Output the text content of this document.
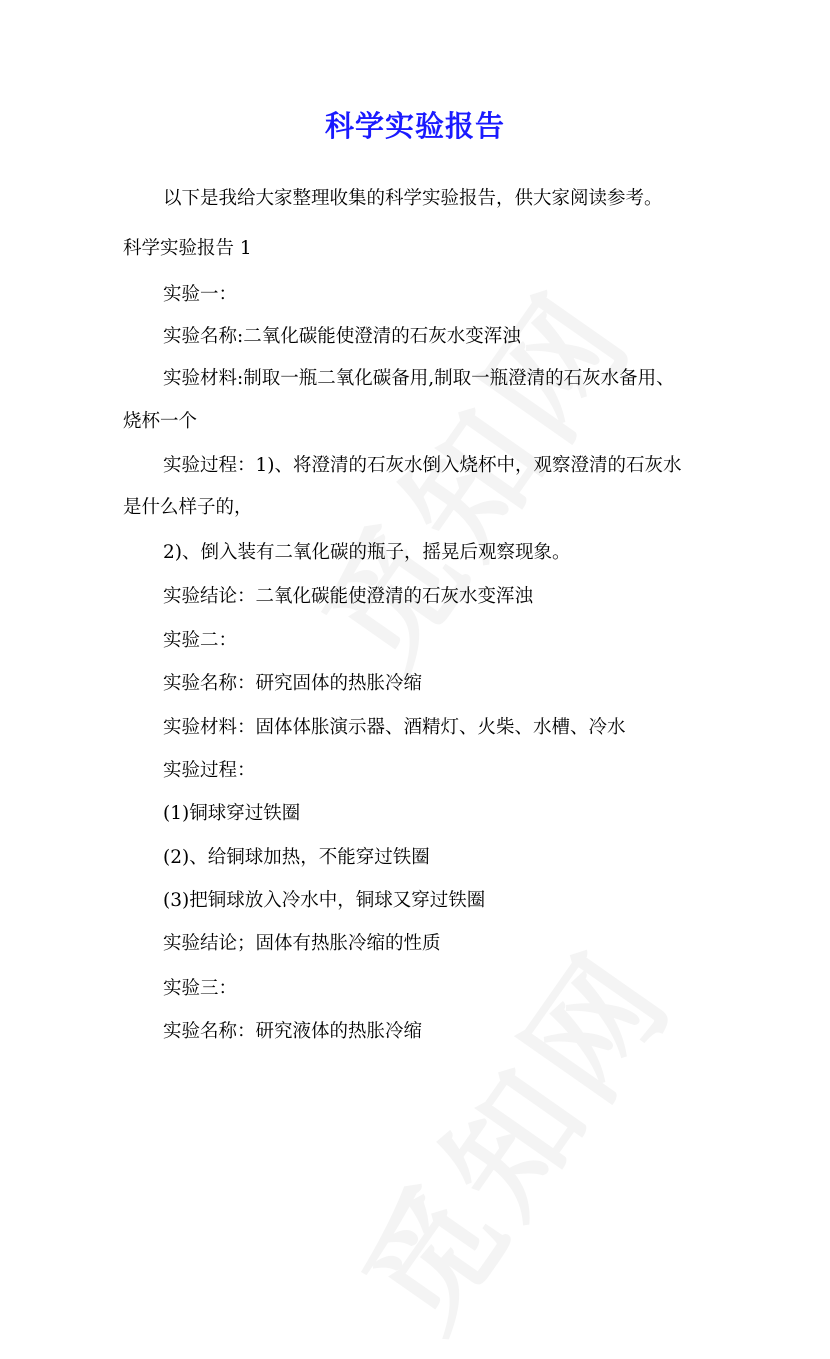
科学实验报告
以下是我给大家整理收集的科学实验报告，供大家阅读参考。
科学实验报告 1
实验一：
实验名称:二氧化碳能使澄清的石灰水变浑浊
实验材料:制取一瓶二氧化碳备用,制取一瓶澄清的石灰水备用、
烧杯一个
实验过程：1)、将澄清的石灰水倒入烧杯中，观察澄清的石灰水
是什么样子的，
2)、倒入装有二氧化碳的瓶子，摇晃后观察现象。
实验结论：二氧化碳能使澄清的石灰水变浑浊
实验二：
实验名称：研究固体的热胀冷缩
实验材料：固体体胀演示器、酒精灯、火柴、水槽、冷水
实验过程：
(1)铜球穿过铁圈
(2)、给铜球加热，不能穿过铁圈
(3)把铜球放入冷水中，铜球又穿过铁圈
实验结论；固体有热胀冷缩的性质
实验三：
实验名称：研究液体的热胀冷缩
